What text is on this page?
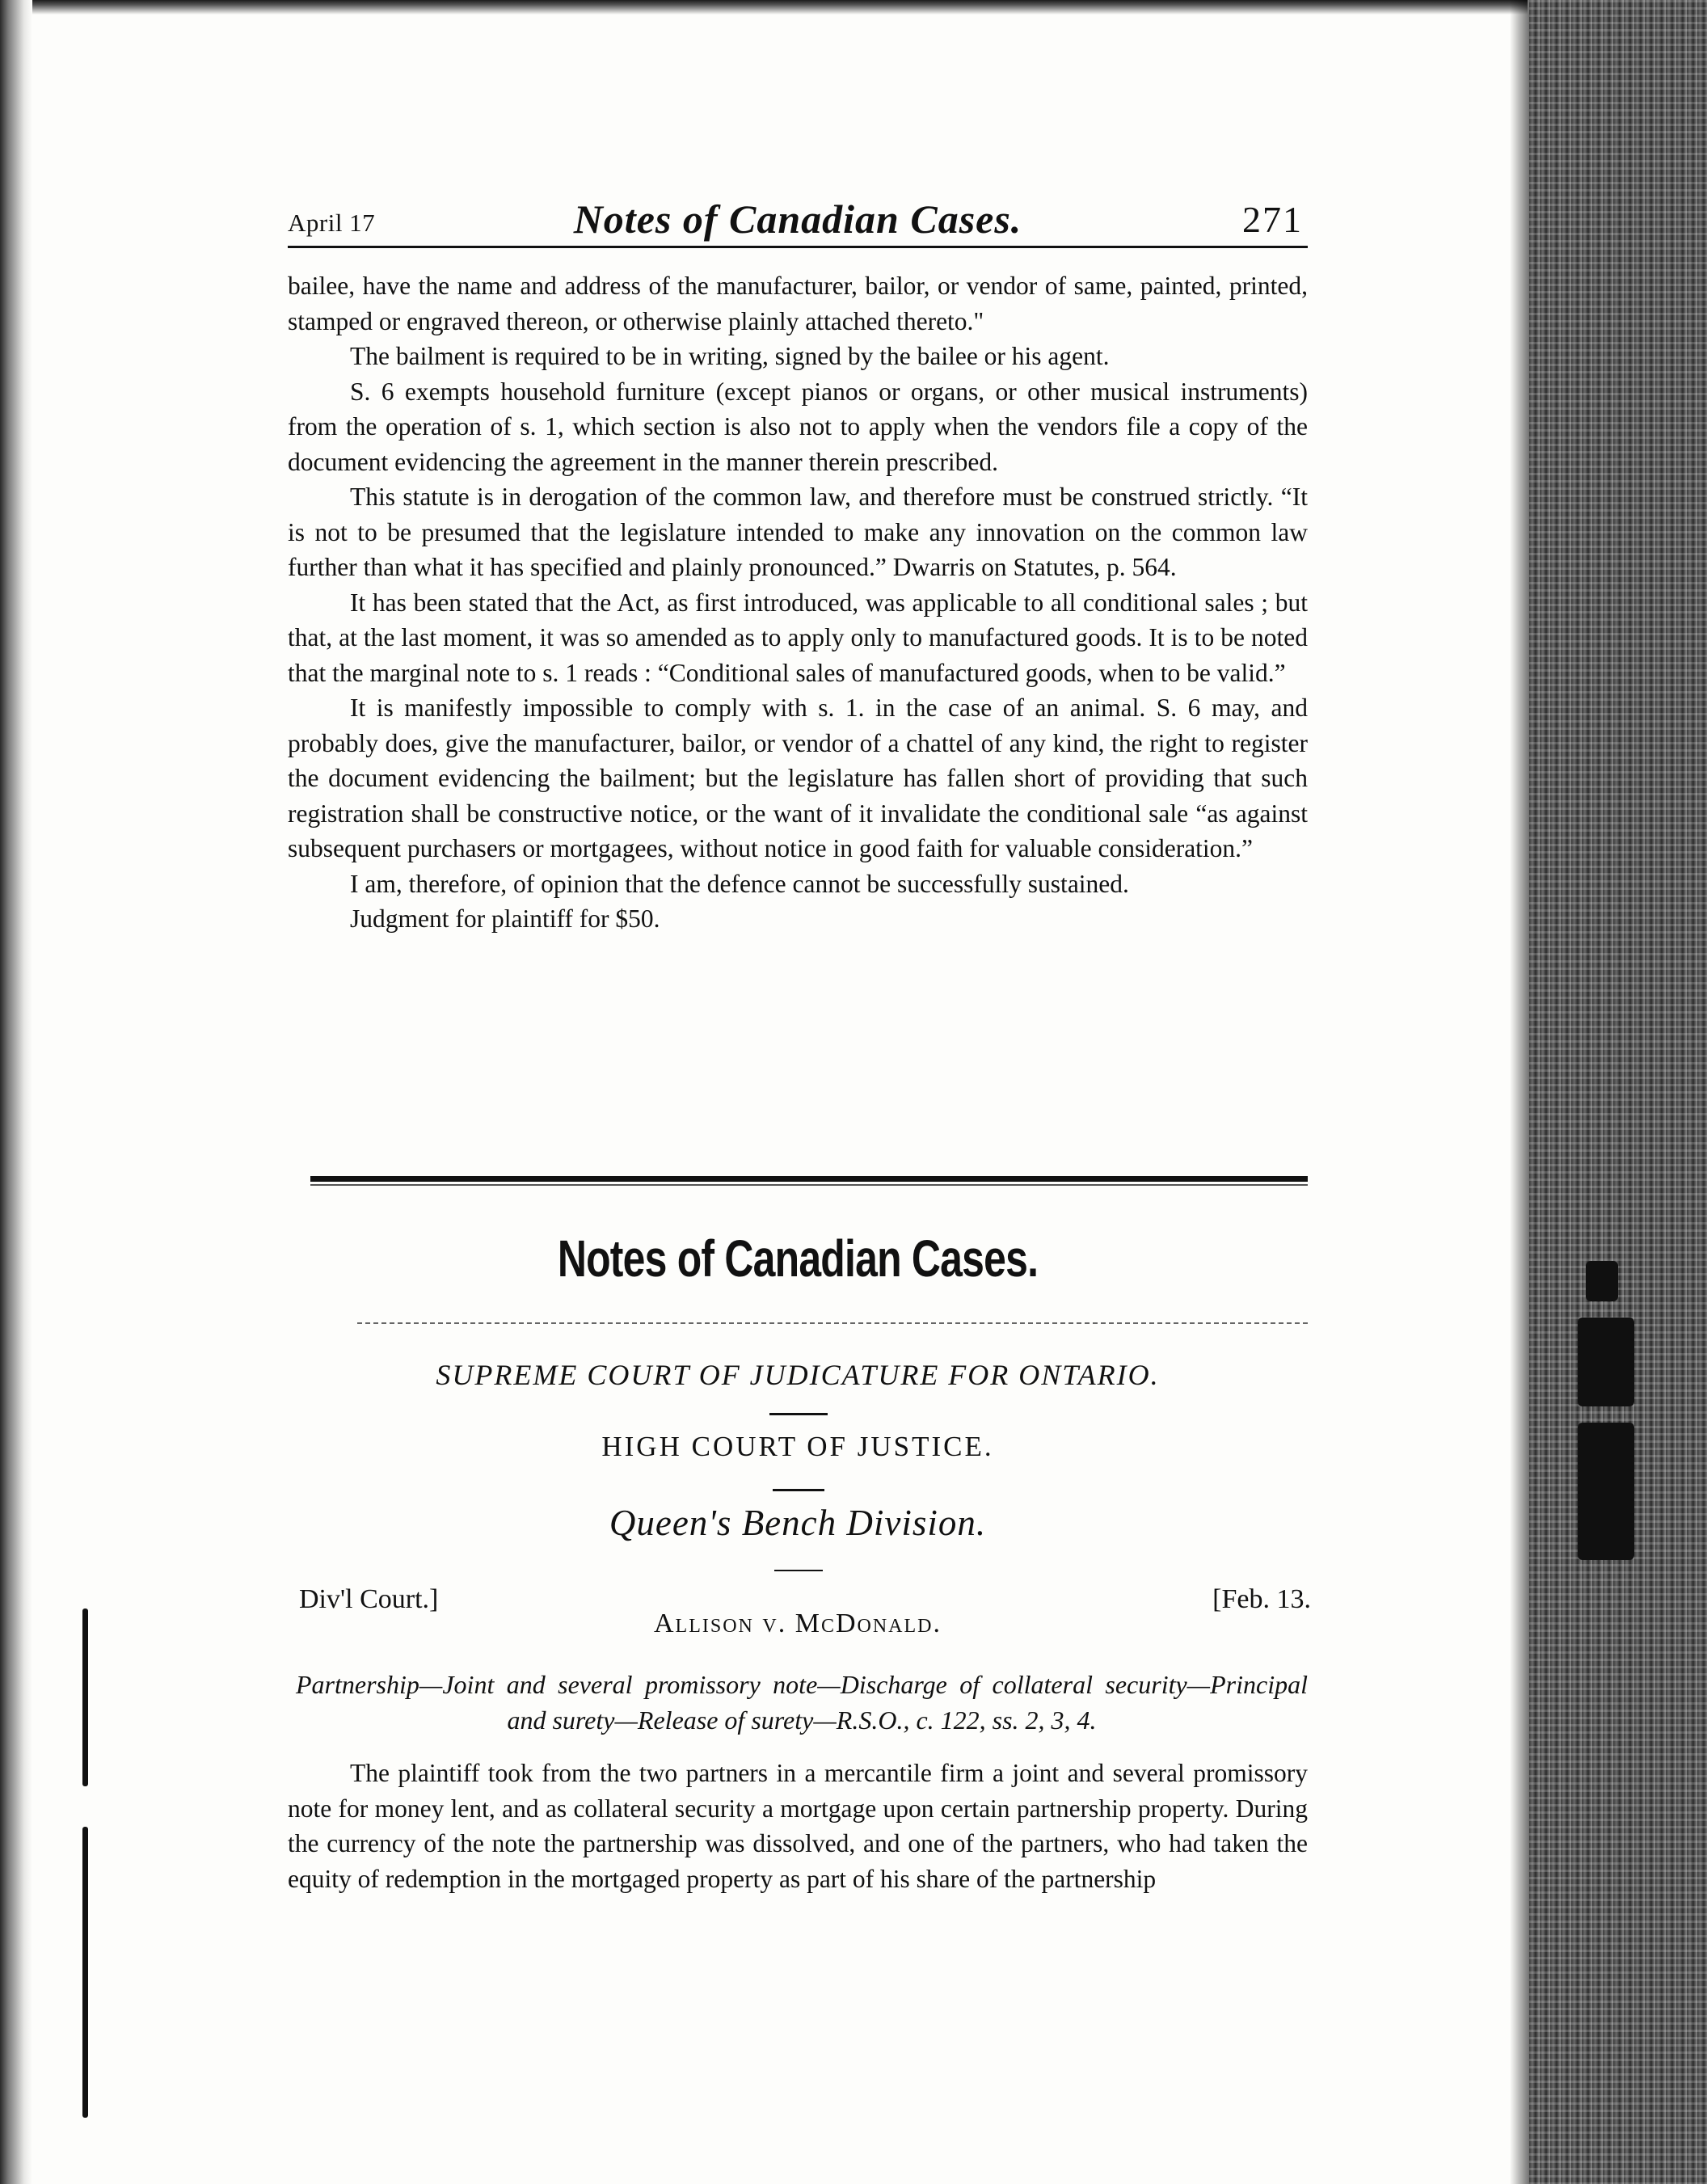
April 17	Notes of Canadian Cases.	271

bailee, have the name and address of the manufacturer, bailor, or vendor of same, painted, printed, stamped or engraved thereon, or otherwise plainly attached thereto."

The bailment is required to be in writing, signed by the bailee or his agent.

S. 6 exempts household furniture (except pianos or organs, or other musical instruments) from the operation of s. 1, which section is also not to apply when the vendors file a copy of the document evidencing the agreement in the manner therein prescribed.

This statute is in derogation of the common law, and therefore must be construed strictly. “It is not to be presumed that the legislature intended to make any innovation on the common law further than what it has specified and plainly pronounced.” Dwarris on Statutes, p. 564.

It has been stated that the Act, as first introduced, was applicable to all conditional sales ; but that, at the last moment, it was so amended as to apply only to manufactured goods. It is to be noted that the marginal note to s. 1 reads : “Conditional sales of manufactured goods, when to be valid.”

It is manifestly impossible to comply with s. 1. in the case of an animal. S. 6 may, and probably does, give the manufacturer, bailor, or vendor of a chattel of any kind, the right to register the document evidencing the bailment; but the legislature has fallen short of providing that such registration shall be constructive notice, or the want of it invalidate the conditional sale “as against subsequent purchasers or mortgagees, without notice in good faith for valuable consideration.”

I am, therefore, of opinion that the defence cannot be successfully sustained.

Judgment for plaintiff for $50.

Notes of Canadian Cases.
SUPREME COURT OF JUDICATURE FOR ONTARIO.
HIGH COURT OF JUSTICE.
Queen's Bench Division.
Div'l Court.]	[Feb. 13.
Allison v. McDonald.

Partnership—Joint and several promissory note—Discharge of collateral security—Principal and surety—Release of surety—R.S.O., c. 122, ss. 2, 3, 4.

The plaintiff took from the two partners in a mercantile firm a joint and several promissory note for money lent, and as collateral security a mortgage upon certain partnership property. During the currency of the note the partnership was dissolved, and one of the partners, who had taken the equity of redemption in the mortgaged property as part of his share of the partnership
